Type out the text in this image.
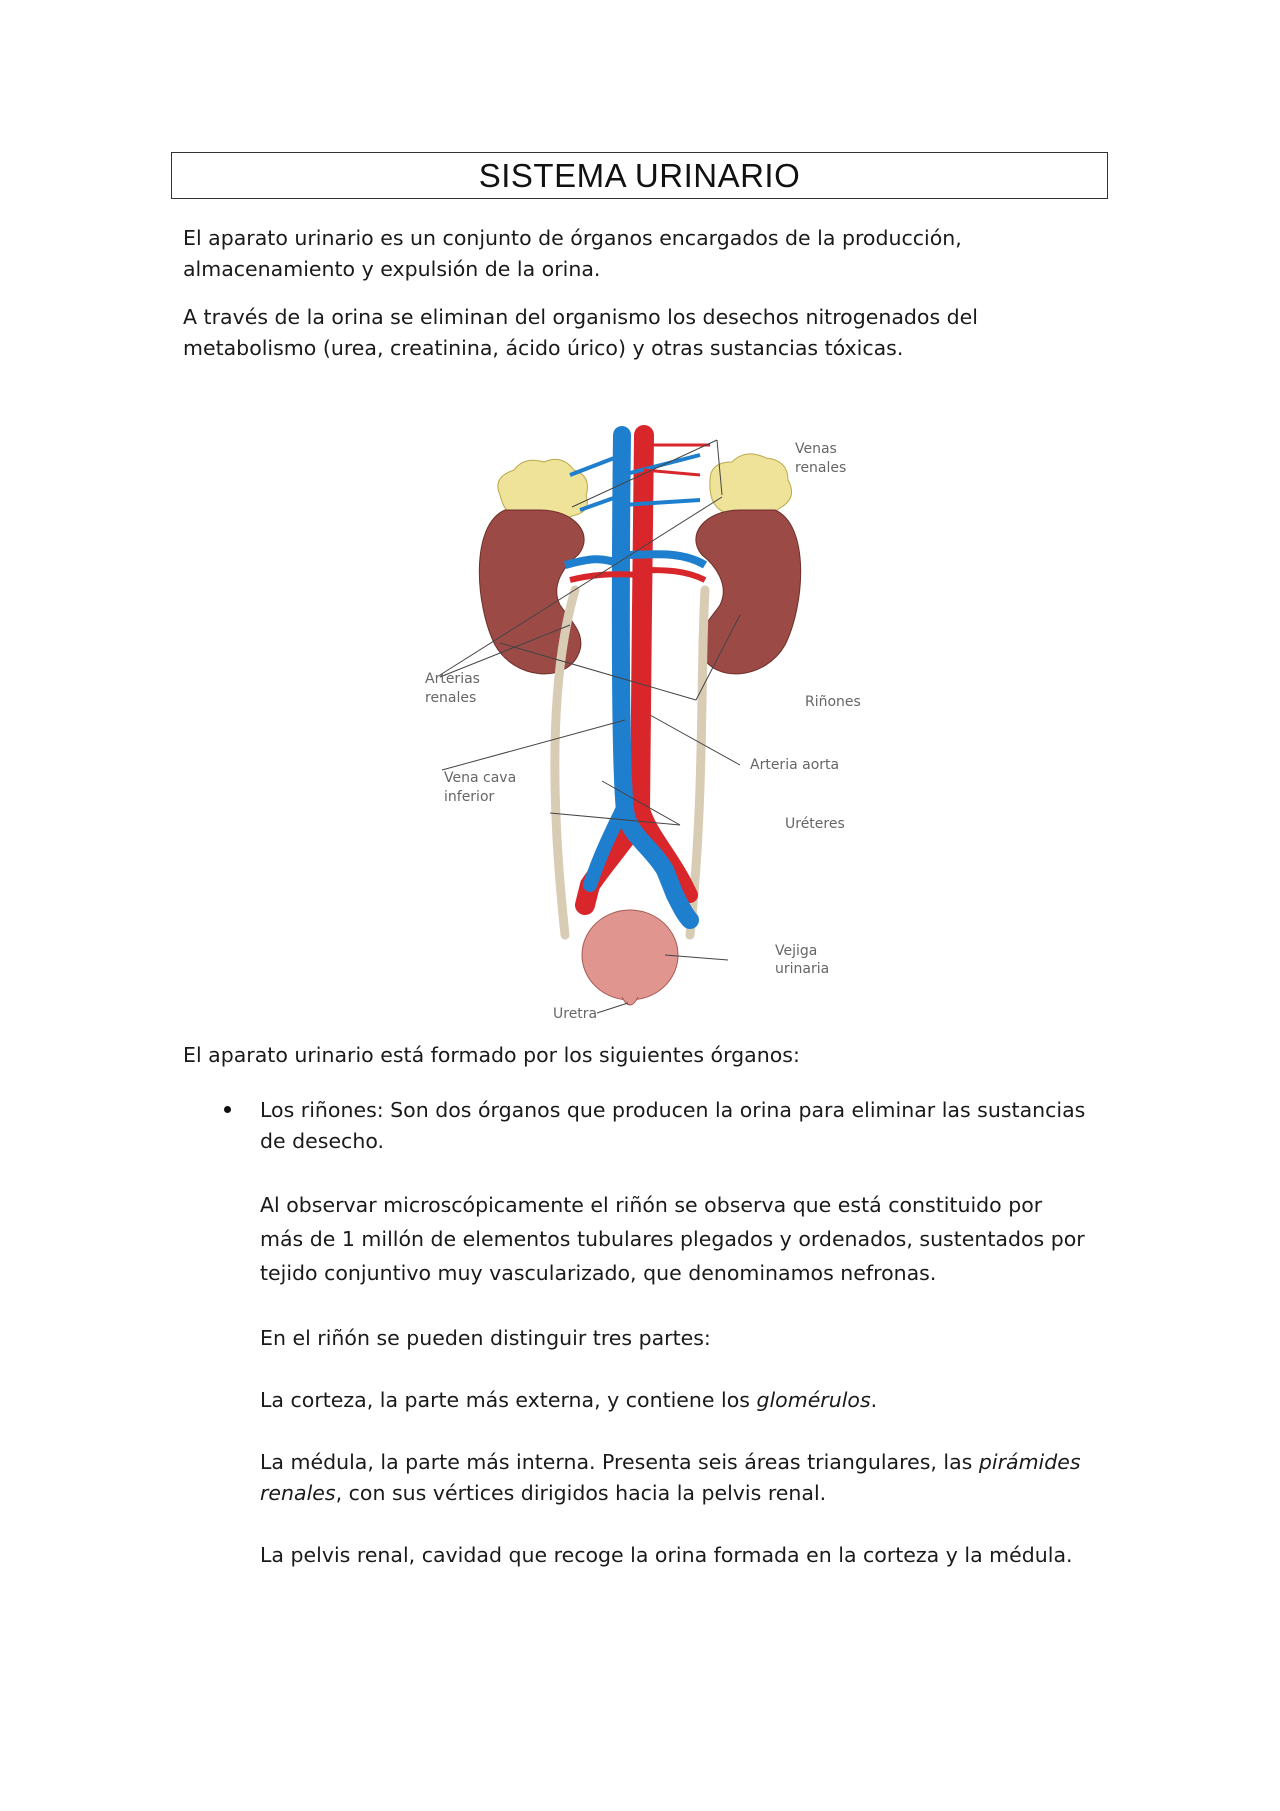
SISTEMA URINARIO

El aparato urinario es un conjunto de órganos encargados de la producción,
almacenamiento y expulsión de la orina.

A través de la orina se eliminan del organismo los desechos nitrogenados del
metabolismo (urea, creatinina, ácido úrico) y otras sustancias tóxicas.

Venas
renales
Arterias
renales	Riñones
Arteria aorta
Vena cava
inferior
Uréteres
Vejiga
urinaria
Uretra

El aparato urinario está formado por los siguientes órganos:

Los riñones: Son dos órganos que producen la orina para eliminar las sustancias
de desecho.

Al observar microscópicamente el riñón se observa que está constituido por
más de 1 millón de elementos tubulares plegados y ordenados, sustentados por
tejido conjuntivo muy vascularizado, que denominamos nefronas.

En el riñón se pueden distinguir tres partes:

La corteza, la parte más externa, y contiene los glomérulos.

La médula, la parte más interna. Presenta seis áreas triangulares, las pirámides
renales, con sus vértices dirigidos hacia la pelvis renal.

La pelvis renal, cavidad que recoge la orina formada en la corteza y la médula.
